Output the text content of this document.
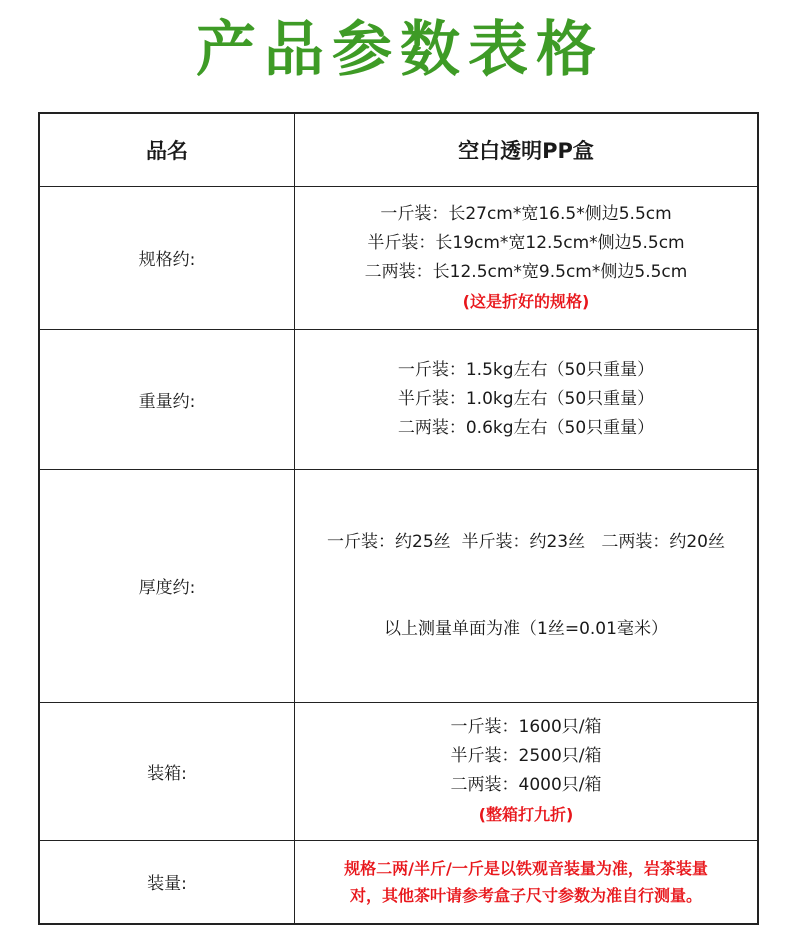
产品参数表格
品名	空白透明PP盒
规格约:	一斤装：长27cm*宽16.5*侧边5.5cm
半斤装：长19cm*宽12.5cm*侧边5.5cm
二两装：长12.5cm*宽9.5cm*侧边5.5cm
(这是折好的规格)

重量约:	一斤装：1.5kg左右（50只重量）
半斤装：1.0kg左右（50只重量）
二两装：0.6kg左右（50只重量）

厚度约:	一斤装：约25丝  半斤装：约23丝   二两装：约20丝

以上测量单面为准（1丝=0.01毫米）

装箱:	一斤装：1600只/箱
半斤装：2500只/箱
二两装：4000只/箱
(整箱打九折)

装量:	规格二两/半斤/一斤是以铁观音装量为准，岩茶装量
对，其他茶叶请参考盒子尺寸参数为准自行测量。
